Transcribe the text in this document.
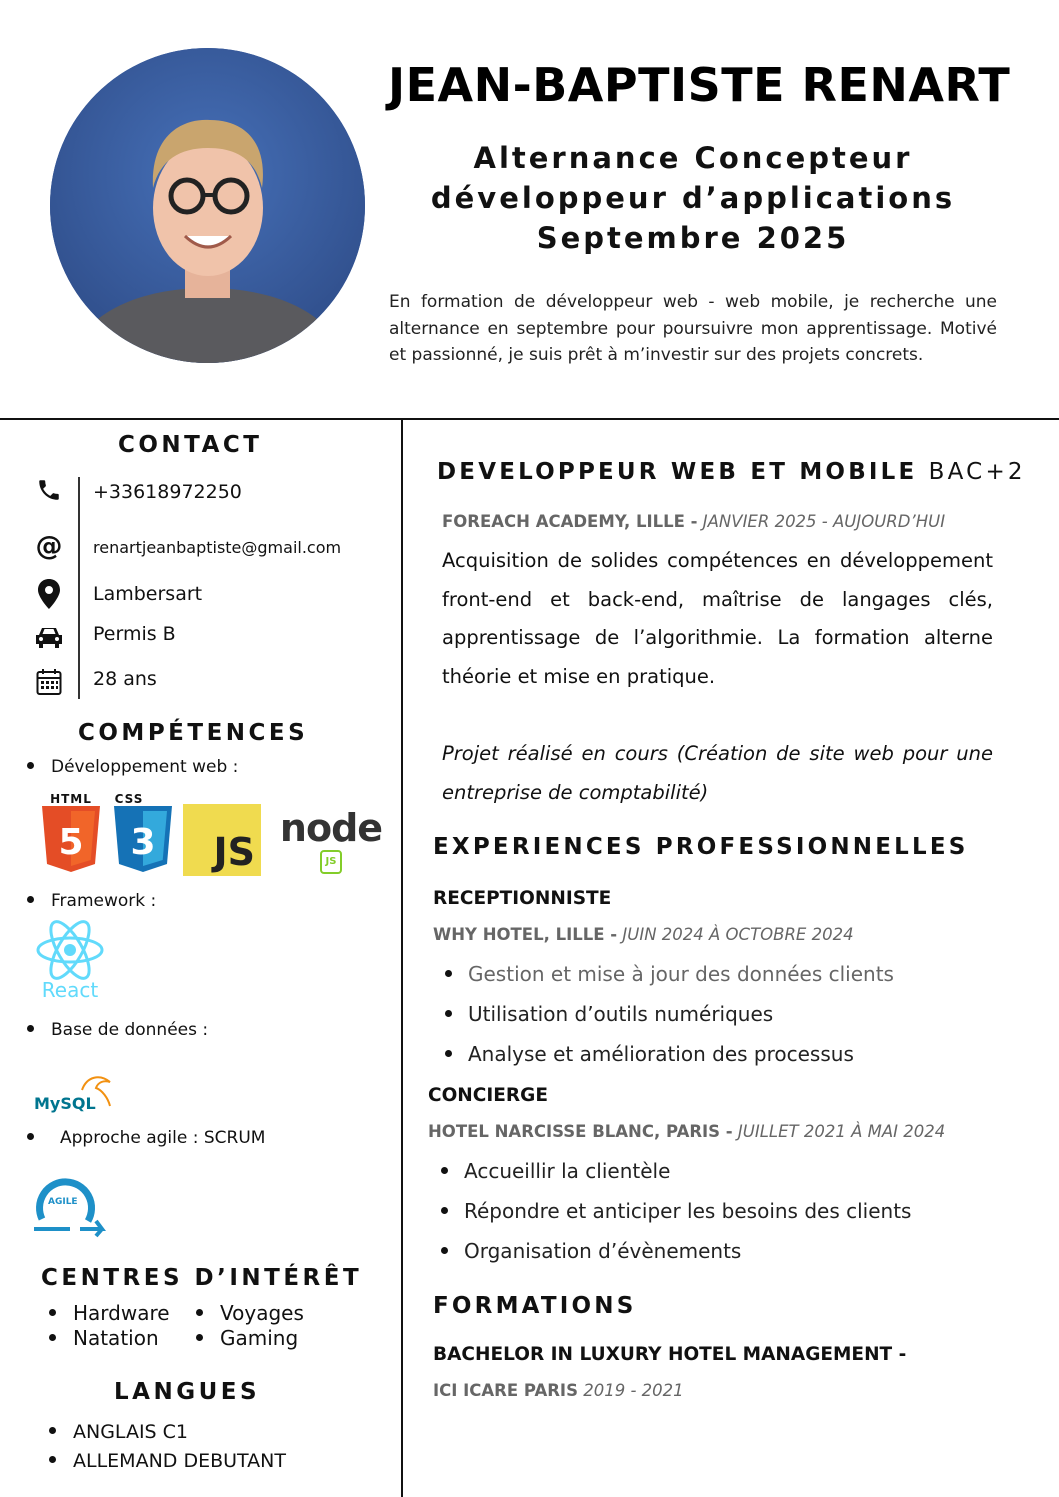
JEAN-BAPTISTE RENART
Alternance Concepteur
développeur d’applications
Septembre 2025
En formation de développeur web - web mobile, je recherche une alternance en septembre pour poursuivre mon apprentissage. Motivé et passionné, je suis prêt à m’investir sur des projets concrets.
CONTACT
+33618972250
@ renartjeanbaptiste@gmail.com
Lambersart
Permis B
28 ans
COMPÉTENCES
Développement web :
HTML
5
CSS
3 JS
node
JS
Framework :
React
Base de données :
MySQL
Approche agile : SCRUM
AGILE
CENTRES D’INTÉRÊT
Hardware	Voyages
Natation	Gaming
LANGUES
ANGLAIS C1
ALLEMAND DEBUTANT
DEVELOPPEUR WEB ET MOBILE BAC+2
FOREACH ACADEMY, LILLE - JANVIER 2025 - AUJOURD’HUI
Acquisition de solides compétences en développement front-end et back-end, maîtrise de langages clés, apprentissage de l’algorithmie. La formation alterne théorie et mise en pratique.
Projet réalisé en cours (Création de site web pour une entreprise de comptabilité)
EXPERIENCES PROFESSIONNELLES
RECEPTIONNISTE
WHY HOTEL, LILLE - JUIN 2024 À OCTOBRE 2024
Gestion et mise à jour des données clients
Utilisation d’outils numériques
Analyse et amélioration des processus
CONCIERGE
HOTEL NARCISSE BLANC, PARIS - JUILLET 2021 À MAI 2024
Accueillir la clientèle
Répondre et anticiper les besoins des clients
Organisation d’évènements
FORMATIONS
BACHELOR IN LUXURY HOTEL MANAGEMENT -
ICI ICARE PARIS 2019 - 2021
